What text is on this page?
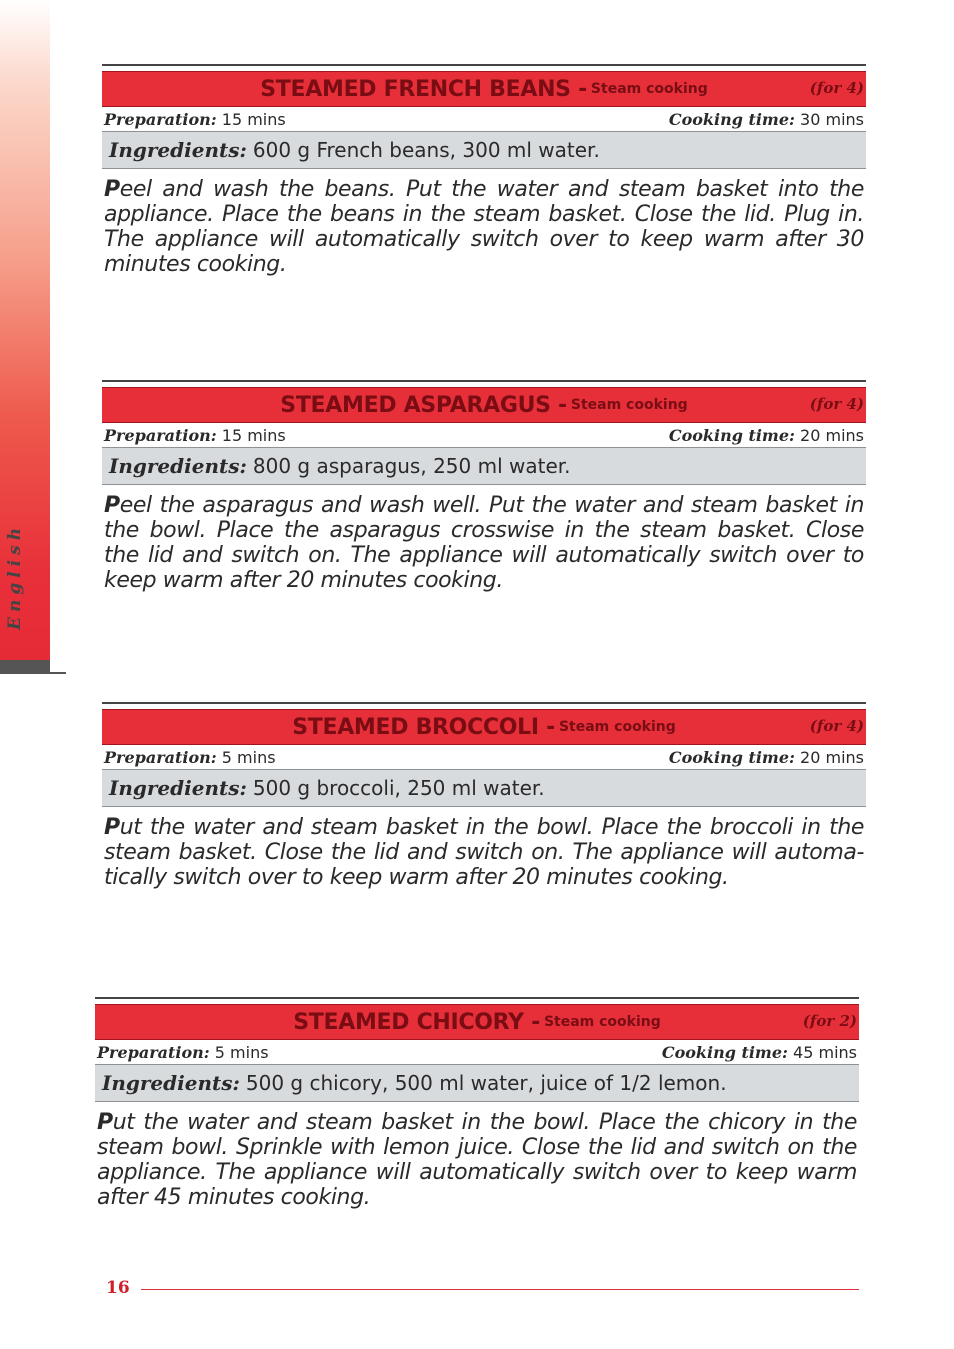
English
STEAMED FRENCH BEANS - Steam cooking	(for 4)
Preparation: 15 mins	Cooking time: 30 mins
Ingredients: 600 g French beans, 300 ml water.

Peel and wash the beans. Put the water and steam basket into the appliance. Place the beans in the steam basket. Close the lid. Plug in. The appliance will automatically switch over to keep warm after 30 minutes cooking.

STEAMED ASPARAGUS - Steam cooking	(for 4)
Preparation: 15 mins	Cooking time: 20 mins
Ingredients: 800 g asparagus, 250 ml water.

Peel the asparagus and wash well. Put the water and steam basket in the bowl. Place the asparagus crosswise in the steam basket. Close the lid and switch on. The appliance will automatically switch over to keep warm after 20 minutes cooking.

STEAMED BROCCOLI - Steam cooking	(for 4)
Preparation: 5 mins	Cooking time: 20 mins
Ingredients: 500 g broccoli, 250 ml water.

Put the water and steam basket in the bowl. Place the broccoli in the steam basket. Close the lid and switch on. The appliance will automa-tically switch over to keep warm after 20 minutes cooking.

STEAMED CHICORY - Steam cooking	(for 2)
Preparation: 5 mins	Cooking time: 45 mins
Ingredients: 500 g chicory, 500 ml water, juice of 1/2 lemon.

Put the water and steam basket in the bowl. Place the chicory in the steam bowl. Sprinkle with lemon juice. Close the lid and switch on the appliance. The appliance will automatically switch over to keep warm after 45 minutes cooking.

16
